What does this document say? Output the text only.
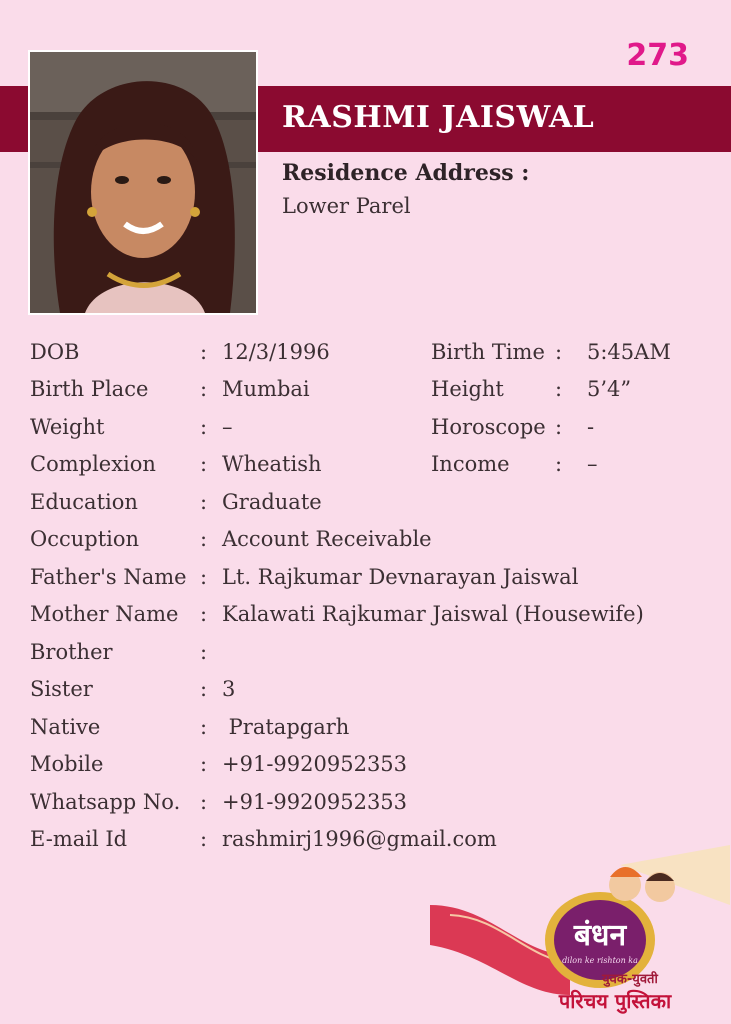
273
RASHMI JAISWAL
Residence Address :
Lower Parel
DOB	: 12/3/1996	Birth Time : 5:45AM
Birth Place : Mumbai	Height : 5’4”
Weight	: –	Horoscope : -
Complexion : Wheatish	Income : –
Education	: Graduate
Occuption	: Account Receivable
Father's Name : Lt. Rajkumar Devnarayan Jaiswal
Mother Name : Kalawati Rajkumar Jaiswal (Housewife)
Brother	:
Sister	: 3
Native	: Pratapgarh
Mobile	: +91-9920952353
Whatsapp No. : +91-9920952353
E-mail Id	: rashmirj1996@gmail.com
बंधन
dilon ke rishton ka
युवक-युवती
परिचय पुस्तिका
